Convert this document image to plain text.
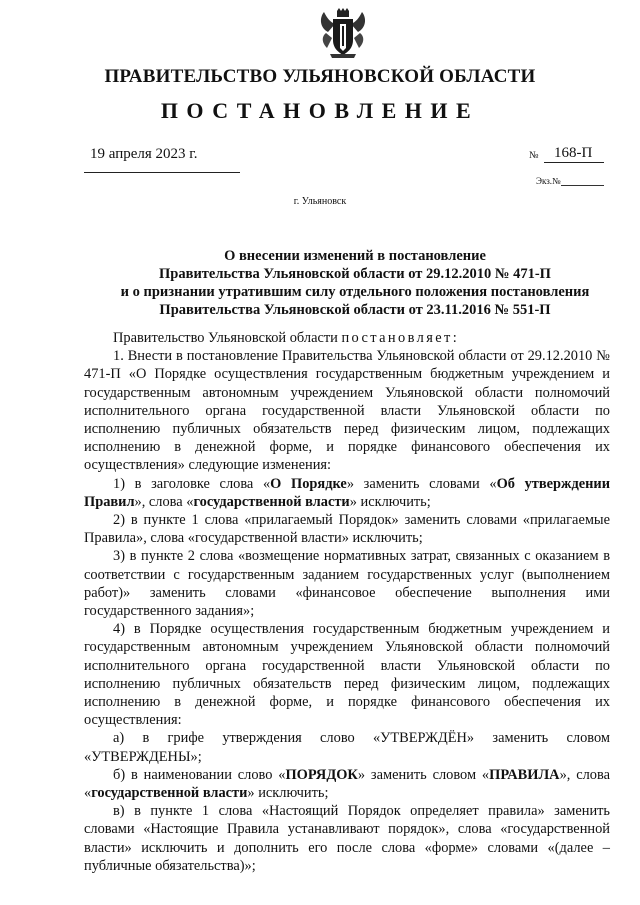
ПРАВИТЕЛЬСТВО УЛЬЯНОВСКОЙ ОБЛАСТИ
ПОСТАНОВЛЕНИЕ
19 апреля 2023 г.	№	168-П
Экз.№
г. Ульяновск
О внесении изменений в постановление
Правительства Ульяновской области от 29.12.2010 № 471-П
и о признании утратившим силу отдельного положения постановления
Правительства Ульяновской области от 23.11.2016 № 551-П
Правительство Ульяновской области постановляет:
1. Внести в постановление Правительства Ульяновской области от 29.12.2010 № 471-П «О Порядке осуществления государственным бюджетным учреждением и государственным автономным учреждением Ульяновской области полномочий исполнительного органа государственной власти Ульяновской области по исполнению публичных обязательств перед физическим лицом, подлежащих исполнению в денежной форме, и порядке финансового обеспечения их осуществления» следующие изменения:
1) в заголовке слова «О Порядке» заменить словами «Об утверждении Правил», слова «государственной власти» исключить;
2) в пункте 1 слова «прилагаемый Порядок» заменить словами «прилагаемые Правила», слова «государственной власти» исключить;
3) в пункте 2 слова «возмещение нормативных затрат, связанных с оказанием в соответствии с государственным заданием государственных услуг (выполнением работ)» заменить словами «финансовое обеспечение выполнения ими государственного задания»;
4) в Порядке осуществления государственным бюджетным учреждением и государственным автономным учреждением Ульяновской области полномочий исполнительного органа государственной власти Ульяновской области по исполнению публичных обязательств перед физическим лицом, подлежащих исполнению в денежной форме, и порядке финансового обеспечения их осуществления:
а) в грифе утверждения слово «УТВЕРЖДЁН» заменить словом «УТВЕРЖДЕНЫ»;
б) в наименовании слово «ПОРЯДОК» заменить словом «ПРАВИЛА», слова «государственной власти» исключить;
в) в пункте 1 слова «Настоящий Порядок определяет правила» заменить словами «Настоящие Правила устанавливают порядок», слова «государственной власти» исключить и дополнить его после слова «форме» словами «(далее – публичные обязательства)»;
